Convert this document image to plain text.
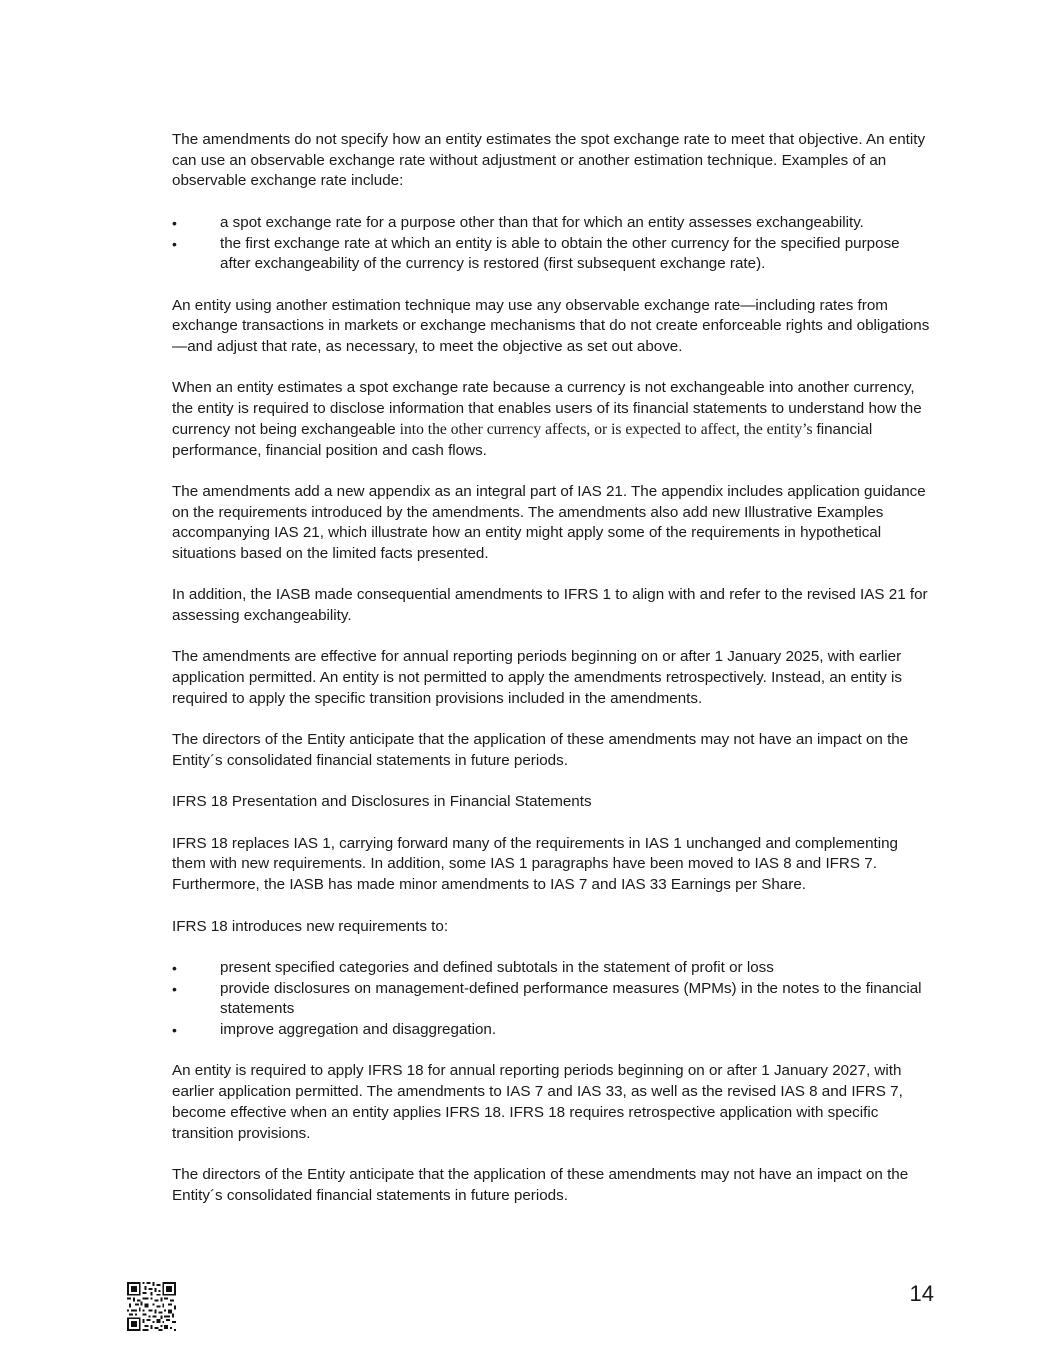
The amendments do not specify how an entity estimates the spot exchange rate to meet that objective. An entity can use an observable exchange rate without adjustment or another estimation technique. Examples of an observable exchange rate include:

• a spot exchange rate for a purpose other than that for which an entity assesses exchangeability.
• the first exchange rate at which an entity is able to obtain the other currency for the specified purpose after exchangeability of the currency is restored (first subsequent exchange rate).

An entity using another estimation technique may use any observable exchange rate—including rates from exchange transactions in markets or exchange mechanisms that do not create enforceable rights and obligations—and adjust that rate, as necessary, to meet the objective as set out above.

When an entity estimates a spot exchange rate because a currency is not exchangeable into another currency, the entity is required to disclose information that enables users of its financial statements to understand how the currency not being exchangeable into the other currency affects, or is expected to affect, the entity’s financial performance, financial position and cash flows.

The amendments add a new appendix as an integral part of IAS 21. The appendix includes application guidance on the requirements introduced by the amendments. The amendments also add new Illustrative Examples accompanying IAS 21, which illustrate how an entity might apply some of the requirements in hypothetical situations based on the limited facts presented.

In addition, the IASB made consequential amendments to IFRS 1 to align with and refer to the revised IAS 21 for assessing exchangeability.

The amendments are effective for annual reporting periods beginning on or after 1 January 2025, with earlier application permitted. An entity is not permitted to apply the amendments retrospectively. Instead, an entity is required to apply the specific transition provisions included in the amendments.

The directors of the Entity anticipate that the application of these amendments may not have an impact on the Entity´s consolidated financial statements in future periods.

IFRS 18 Presentation and Disclosures in Financial Statements

IFRS 18 replaces IAS 1, carrying forward many of the requirements in IAS 1 unchanged and complementing them with new requirements. In addition, some IAS 1 paragraphs have been moved to IAS 8 and IFRS 7. Furthermore, the IASB has made minor amendments to IAS 7 and IAS 33 Earnings per Share.

IFRS 18 introduces new requirements to:

• present specified categories and defined subtotals in the statement of profit or loss
• provide disclosures on management-defined performance measures (MPMs) in the notes to the financial statements
• improve aggregation and disaggregation.

An entity is required to apply IFRS 18 for annual reporting periods beginning on or after 1 January 2027, with earlier application permitted. The amendments to IAS 7 and IAS 33, as well as the revised IAS 8 and IFRS 7, become effective when an entity applies IFRS 18. IFRS 18 requires retrospective application with specific transition provisions.

The directors of the Entity anticipate that the application of these amendments may not have an impact on the Entity´s consolidated financial statements in future periods.

14
